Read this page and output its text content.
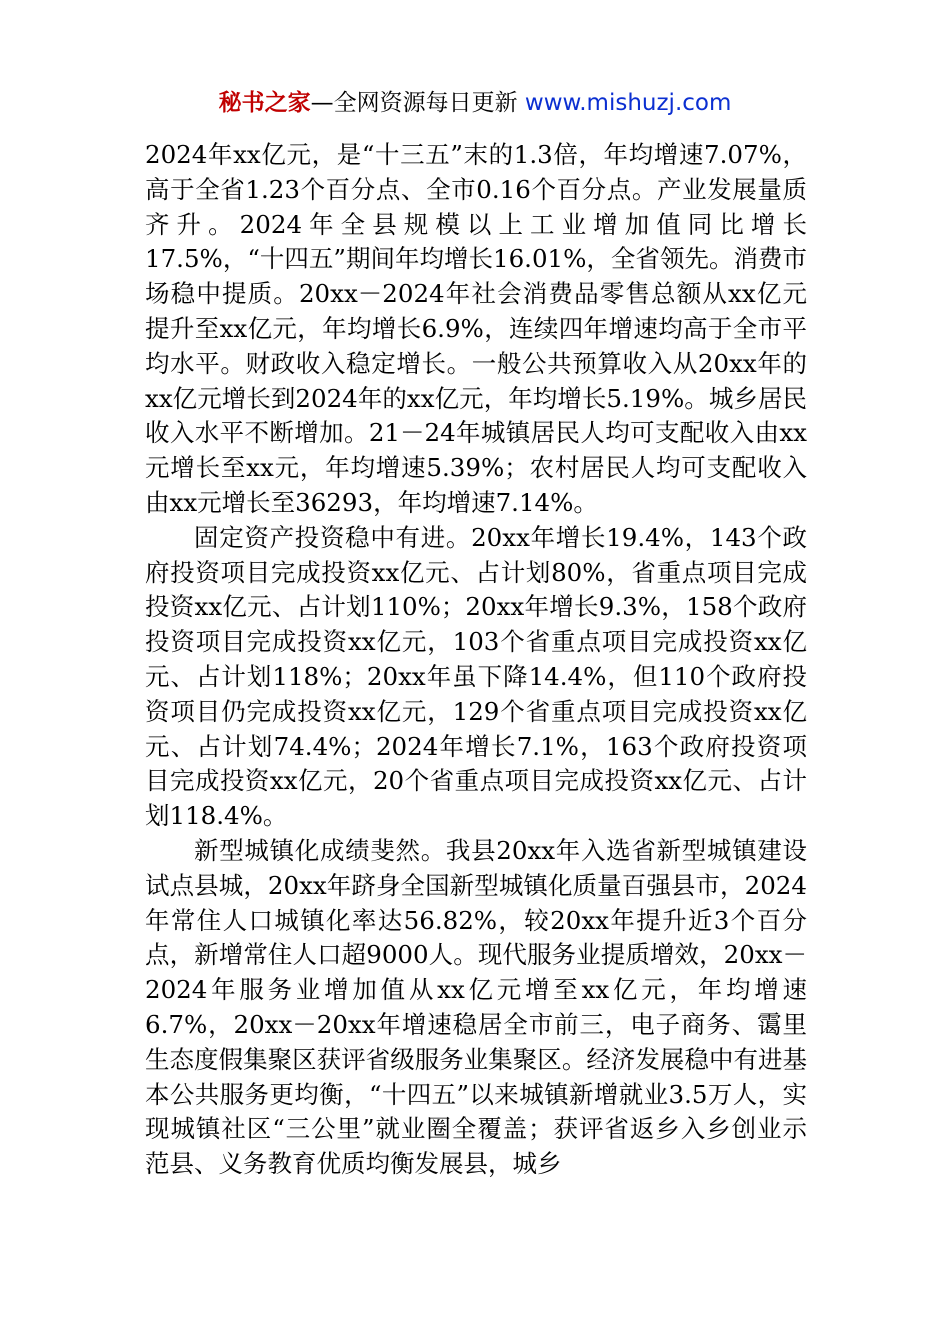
秘书之家—全网资源每日更新 www.mishuzj.com

2024年xx亿元，是“十三五”末的1.3倍，年均增速7.07%，高于全省1.23个百分点、全市0.16个百分点。产业发展量质齐升。2024年全县规模以上工业增加值同比增长17.5%，“十四五”期间年均增长16.01%，全省领先。消费市场稳中提质。20xx－2024年社会消费品零售总额从xx亿元提升至xx亿元，年均增长6.9%，连续四年增速均高于全市平均水平。财政收入稳定增长。一般公共预算收入从20xx年的xx亿元增长到2024年的xx亿元，年均增长5.19%。城乡居民收入水平不断增加。21－24年城镇居民人均可支配收入由xx元增长至xx元，年均增速5.39%；农村居民人均可支配收入由xx元增长至36293，年均增速7.14%。

固定资产投资稳中有进。20xx年增长19.4%，143个政府投资项目完成投资xx亿元、占计划80%，省重点项目完成投资xx亿元、占计划110%；20xx年增长9.3%，158个政府投资项目完成投资xx亿元，103个省重点项目完成投资xx亿元、占计划118%；20xx年虽下降14.4%，但110个政府投资项目仍完成投资xx亿元，129个省重点项目完成投资xx亿元、占计划74.4%；2024年增长7.1%，163个政府投资项目完成投资xx亿元，20个省重点项目完成投资xx亿元、占计划118.4%。

新型城镇化成绩斐然。我县20xx年入选省新型城镇建设试点县城，20xx年跻身全国新型城镇化质量百强县市，2024年常住人口城镇化率达56.82%，较20xx年提升近3个百分点，新增常住人口超9000人。现代服务业提质增效，20xx－2024年服务业增加值从xx亿元增至xx亿元，年均增速6.7%，20xx－20xx年增速稳居全市前三，电子商务、霭里生态度假集聚区获评省级服务业集聚区。经济发展稳中有进基本公共服务更均衡，“十四五”以来城镇新增就业3.5万人，实现城镇社区“三公里”就业圈全覆盖；获评省返乡入乡创业示范县、义务教育优质均衡发展县，城乡
